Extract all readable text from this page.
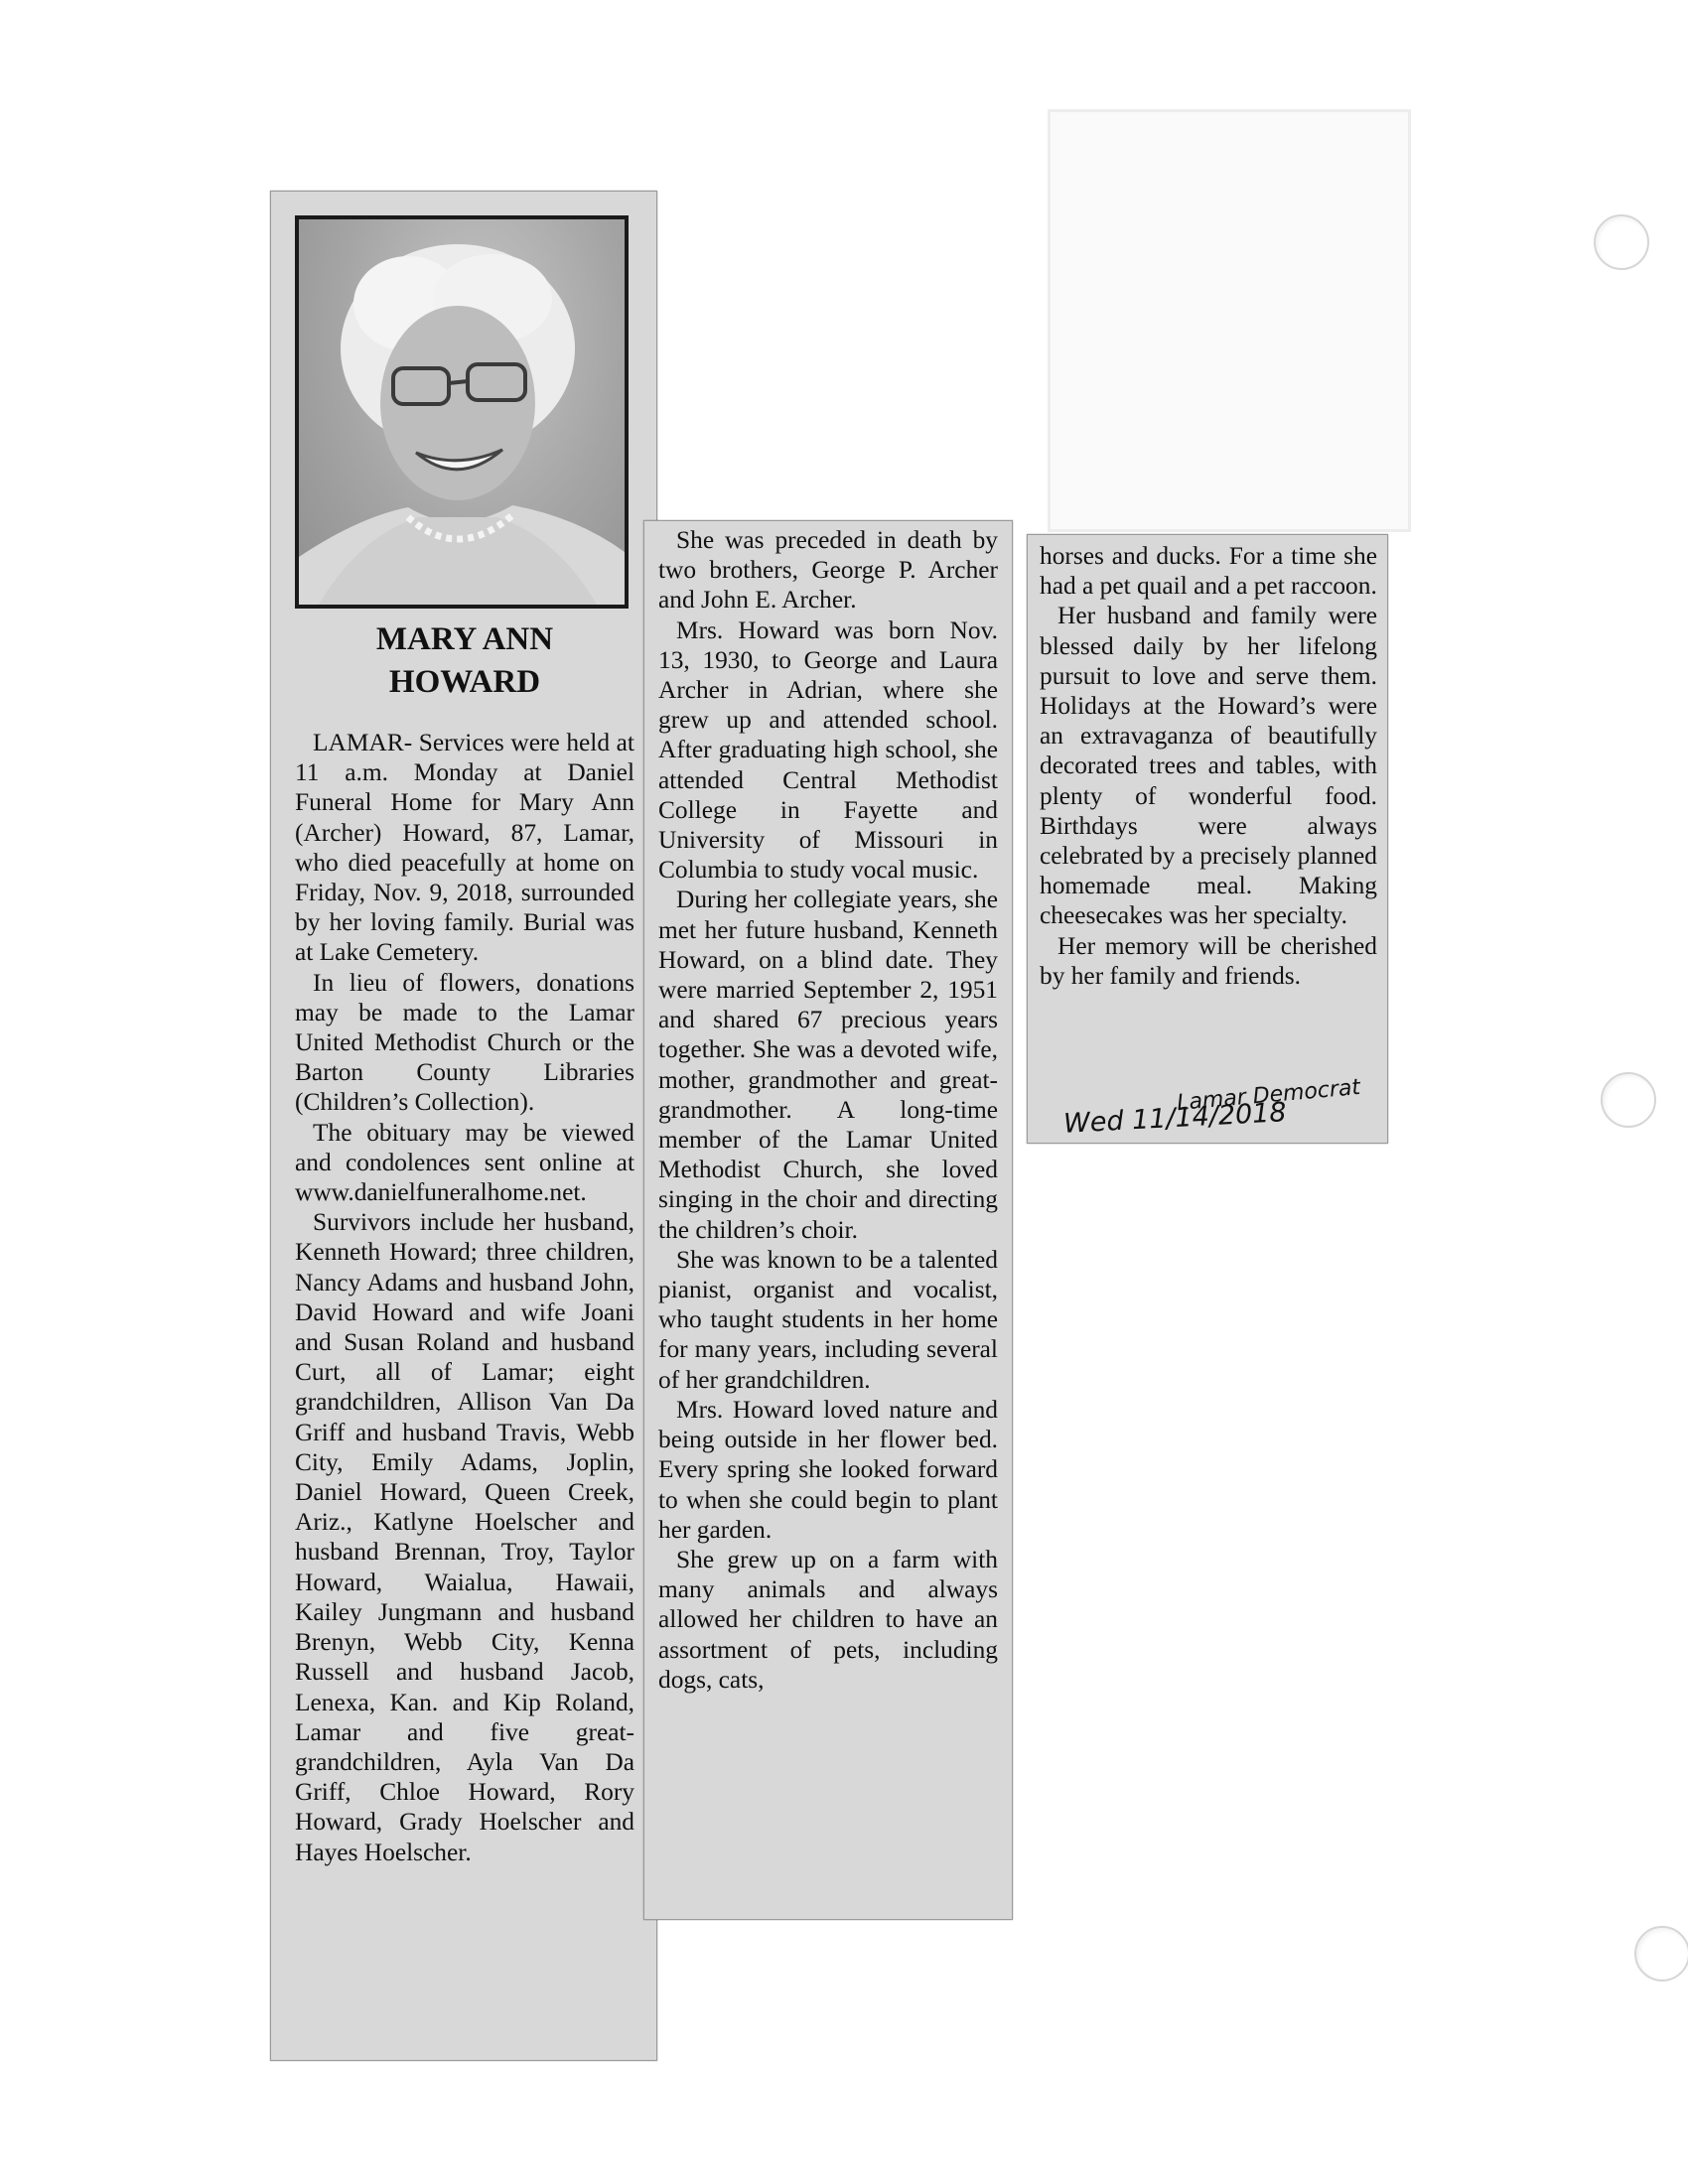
MARY ANN
HOWARD

LAMAR- Services were held at 11 a.m. Monday at Daniel Funeral Home for Mary Ann (Archer) Howard, 87, Lamar, who died peacefully at home on Friday, Nov. 9, 2018, surrounded by her loving family. Burial was at Lake Cemetery.

In lieu of flowers, donations may be made to the Lamar United Methodist Church or the Barton County Libraries (Children’s Collection).

The obituary may be viewed and condolences sent online at www.danielfuneralhome.net.

Survivors include her husband, Kenneth Howard; three children, Nancy Adams and husband John, David Howard and wife Joani and Susan Roland and husband Curt, all of Lamar; eight grandchildren, Allison Van Da Griff and husband Travis, Webb City, Emily Adams, Joplin, Daniel Howard, Queen Creek, Ariz., Katlyne Hoelscher and husband Brennan, Troy, Taylor Howard, Waialua, Hawaii, Kailey Jungmann and husband Brenyn, Webb City, Kenna Russell and husband Jacob, Lenexa, Kan. and Kip Roland, Lamar and five great-grandchildren, Ayla Van Da Griff, Chloe Howard, Rory Howard, Grady Hoelscher and Hayes Hoelscher.

She was preceded in death by two brothers, George P. Archer and John E. Archer.

Mrs. Howard was born Nov. 13, 1930, to George and Laura Archer in Adrian, where she grew up and attended school. After graduating high school, she attended Central Methodist College in Fayette and University of Missouri in Columbia to study vocal music.

During her collegiate years, she met her future husband, Kenneth Howard, on a blind date. They were married September 2, 1951 and shared 67 precious years together. She was a devoted wife, mother, grandmother and great-grandmother. A long-time member of the Lamar United Methodist Church, she loved singing in the choir and directing the children’s choir.

She was known to be a talented pianist, organist and vocalist, who taught students in her home for many years, including several of her grandchildren.

Mrs. Howard loved nature and being outside in her flower bed. Every spring she looked forward to when she could begin to plant her garden.

She grew up on a farm with many animals and always allowed her children to have an assortment of pets, including dogs, cats,

horses and ducks. For a time she had a pet quail and a pet raccoon.

Her husband and family were blessed daily by her lifelong pursuit to love and serve them. Holidays at the Howard’s were an extravaganza of beautifully decorated trees and tables, with plenty of wonderful food. Birthdays were always celebrated by a precisely planned homemade meal. Making cheesecakes was her specialty.

Her memory will be cherished by her family and friends.

Lamar Democrat
Wed 11/14/2018
